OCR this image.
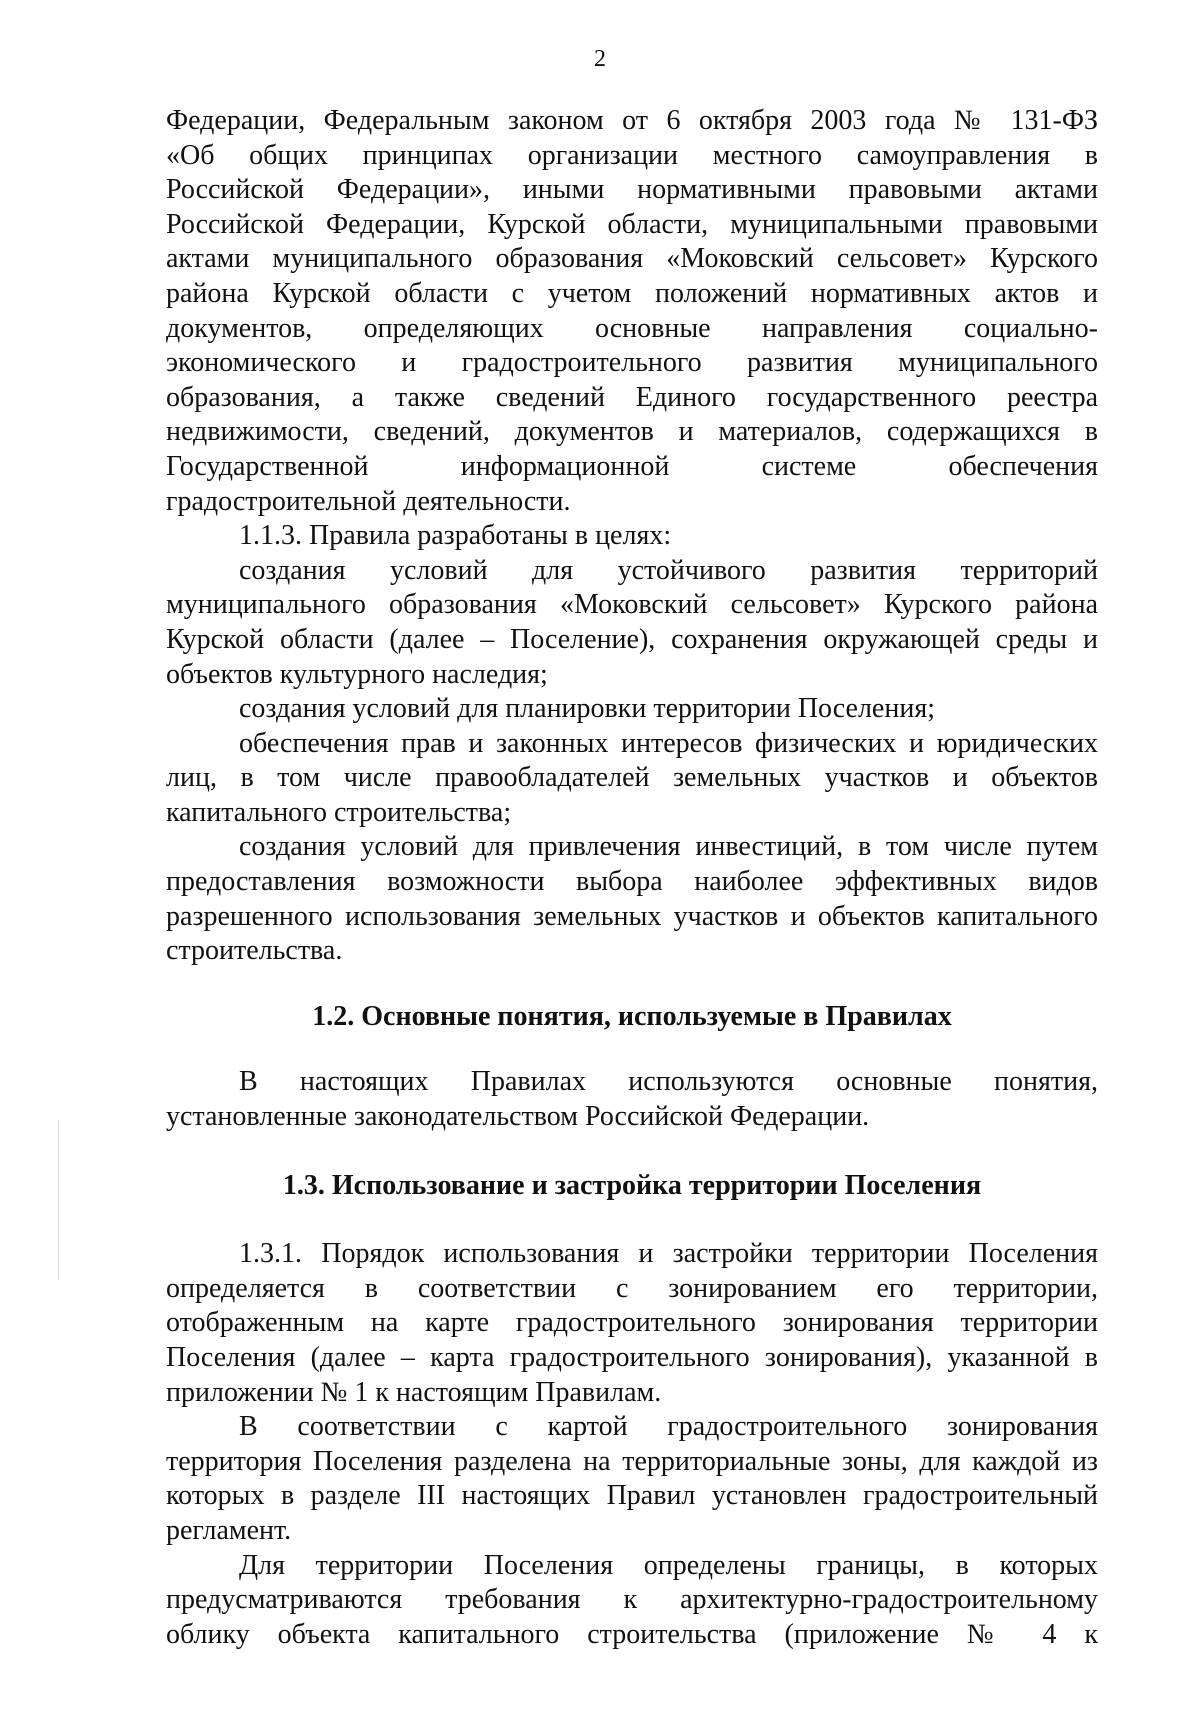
2
Федерации, Федеральным законом от 6 октября 2003 года № 131-ФЗ
«Об общих принципах организации местного самоуправления в
Российской Федерации», иными нормативными правовыми актами
Российской Федерации, Курской области, муниципальными правовыми
актами муниципального образования «Моковский сельсовет» Курского
района Курской области с учетом положений нормативных актов и
документов, определяющих основные направления социально-
экономического и градостроительного развития муниципального
образования, а также сведений Единого государственного реестра
недвижимости, сведений, документов и материалов, содержащихся в
Государственной информационной системе обеспечения
градостроительной деятельности.
1.1.3. Правила разработаны в целях:
создания условий для устойчивого развития территорий
муниципального образования «Моковский сельсовет» Курского района
Курской области (далее – Поселение), сохранения окружающей среды и
объектов культурного наследия;
создания условий для планировки территории Поселения;
обеспечения прав и законных интересов физических и юридических
лиц, в том числе правообладателей земельных участков и объектов
капитального строительства;
создания условий для привлечения инвестиций, в том числе путем
предоставления возможности выбора наиболее эффективных видов
разрешенного использования земельных участков и объектов капитального
строительства.
1.2. Основные понятия, используемые в Правилах
В настоящих Правилах используются основные понятия,
установленные законодательством Российской Федерации.
1.3. Использование и застройка территории Поселения
1.3.1. Порядок использования и застройки территории Поселения
определяется в соответствии с зонированием его территории,
отображенным на карте градостроительного зонирования территории
Поселения (далее – карта градостроительного зонирования), указанной в
приложении № 1 к настоящим Правилам.
В соответствии с картой градостроительного зонирования
территория Поселения разделена на территориальные зоны, для каждой из
которых в разделе III настоящих Правил установлен градостроительный
регламент.
Для территории Поселения определены границы, в которых
предусматриваются требования к архитектурно-градостроительному
облику объекта капитального строительства (приложение № 4 к
